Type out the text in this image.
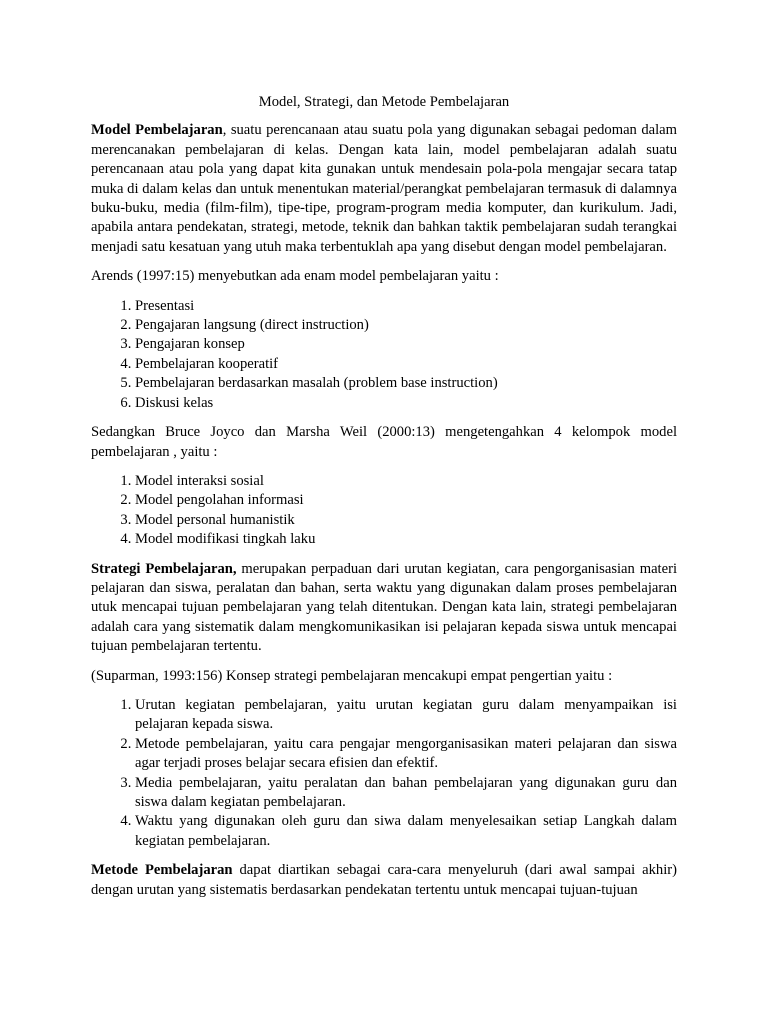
Model, Strategi, dan Metode Pembelajaran

Model Pembelajaran, suatu perencanaan atau suatu pola yang digunakan sebagai pedoman dalam merencanakan pembelajaran di kelas. Dengan kata lain, model pembelajaran adalah suatu perencanaan atau pola yang dapat kita gunakan untuk mendesain pola-pola mengajar secara tatap muka di dalam kelas dan untuk menentukan material/perangkat pembelajaran termasuk di dalamnya buku-buku, media (film-film), tipe-tipe, program-program media komputer, dan kurikulum. Jadi, apabila antara pendekatan, strategi, metode, teknik dan bahkan taktik pembelajaran sudah terangkai menjadi satu kesatuan yang utuh maka terbentuklah apa yang disebut dengan model pembelajaran.

Arends (1997:15) menyebutkan ada enam model pembelajaran yaitu :

1. Presentasi
2. Pengajaran langsung (direct instruction)
3. Pengajaran konsep
4. Pembelajaran kooperatif
5. Pembelajaran berdasarkan masalah (problem base instruction)
6. Diskusi kelas

Sedangkan Bruce Joyco dan Marsha Weil (2000:13) mengetengahkan 4 kelompok model pembelajaran , yaitu :

1. Model interaksi sosial
2. Model pengolahan informasi
3. Model personal humanistik
4. Model modifikasi tingkah laku

Strategi Pembelajaran, merupakan perpaduan dari urutan kegiatan, cara pengorganisasian materi pelajaran dan siswa, peralatan dan bahan, serta waktu yang digunakan dalam proses pembelajaran utuk mencapai tujuan pembelajaran yang telah ditentukan. Dengan kata lain, strategi pembelajaran adalah cara yang sistematik dalam mengkomunikasikan isi pelajaran kepada siswa untuk mencapai tujuan pembelajaran tertentu.

(Suparman, 1993:156) Konsep strategi pembelajaran mencakupi empat pengertian yaitu :

1. Urutan kegiatan pembelajaran, yaitu urutan kegiatan guru dalam menyampaikan isi pelajaran kepada siswa.
2. Metode pembelajaran, yaitu cara pengajar mengorganisasikan materi pelajaran dan siswa agar terjadi proses belajar secara efisien dan efektif.
3. Media pembelajaran, yaitu peralatan dan bahan pembelajaran yang digunakan guru dan siswa dalam kegiatan pembelajaran.
4. Waktu yang digunakan oleh guru dan siwa dalam menyelesaikan setiap Langkah dalam kegiatan pembelajaran.

Metode Pembelajaran dapat diartikan sebagai cara-cara menyeluruh (dari awal sampai akhir) dengan urutan yang sistematis berdasarkan pendekatan tertentu untuk mencapai tujuan-tujuan
